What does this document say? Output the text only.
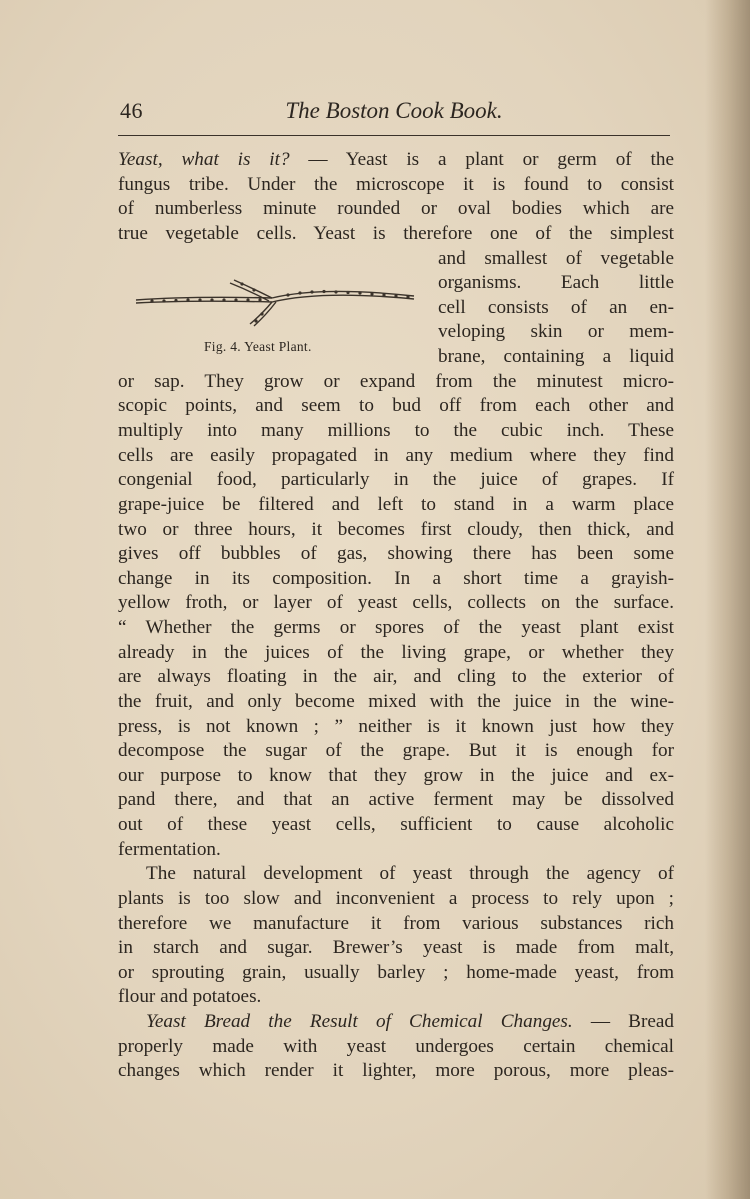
46	The Boston Cook Book.
Fig. 4. Yeast Plant.
Yeast, what is it? — Yeast is a plant or germ of the
fungus tribe. Under the microscope it is found to consist
of numberless minute rounded or oval bodies which are
true vegetable cells. Yeast is therefore one of the simplest
and smallest of vegetable
organisms. Each little
cell consists of an en-
veloping skin or mem-
brane, containing a liquid
or sap. They grow or expand from the minutest micro-
scopic points, and seem to bud off from each other and
multiply into many millions to the cubic inch. These
cells are easily propagated in any medium where they find
congenial food, particularly in the juice of grapes. If
grape-juice be filtered and left to stand in a warm place
two or three hours, it becomes first cloudy, then thick, and
gives off bubbles of gas, showing there has been some
change in its composition. In a short time a grayish-
yellow froth, or layer of yeast cells, collects on the surface.
“ Whether the germs or spores of the yeast plant exist
already in the juices of the living grape, or whether they
are always floating in the air, and cling to the exterior of
the fruit, and only become mixed with the juice in the wine-
press, is not known ; ” neither is it known just how they
decompose the sugar of the grape. But it is enough for
our purpose to know that they grow in the juice and ex-
pand there, and that an active ferment may be dissolved
out of these yeast cells, sufficient to cause alcoholic
fermentation.
The natural development of yeast through the agency of
plants is too slow and inconvenient a process to rely upon ;
therefore we manufacture it from various substances rich
in starch and sugar. Brewer’s yeast is made from malt,
or sprouting grain, usually barley ; home-made yeast, from
flour and potatoes.
Yeast Bread the Result of Chemical Changes. — Bread
properly made with yeast undergoes certain chemical
changes which render it lighter, more porous, more pleas-
